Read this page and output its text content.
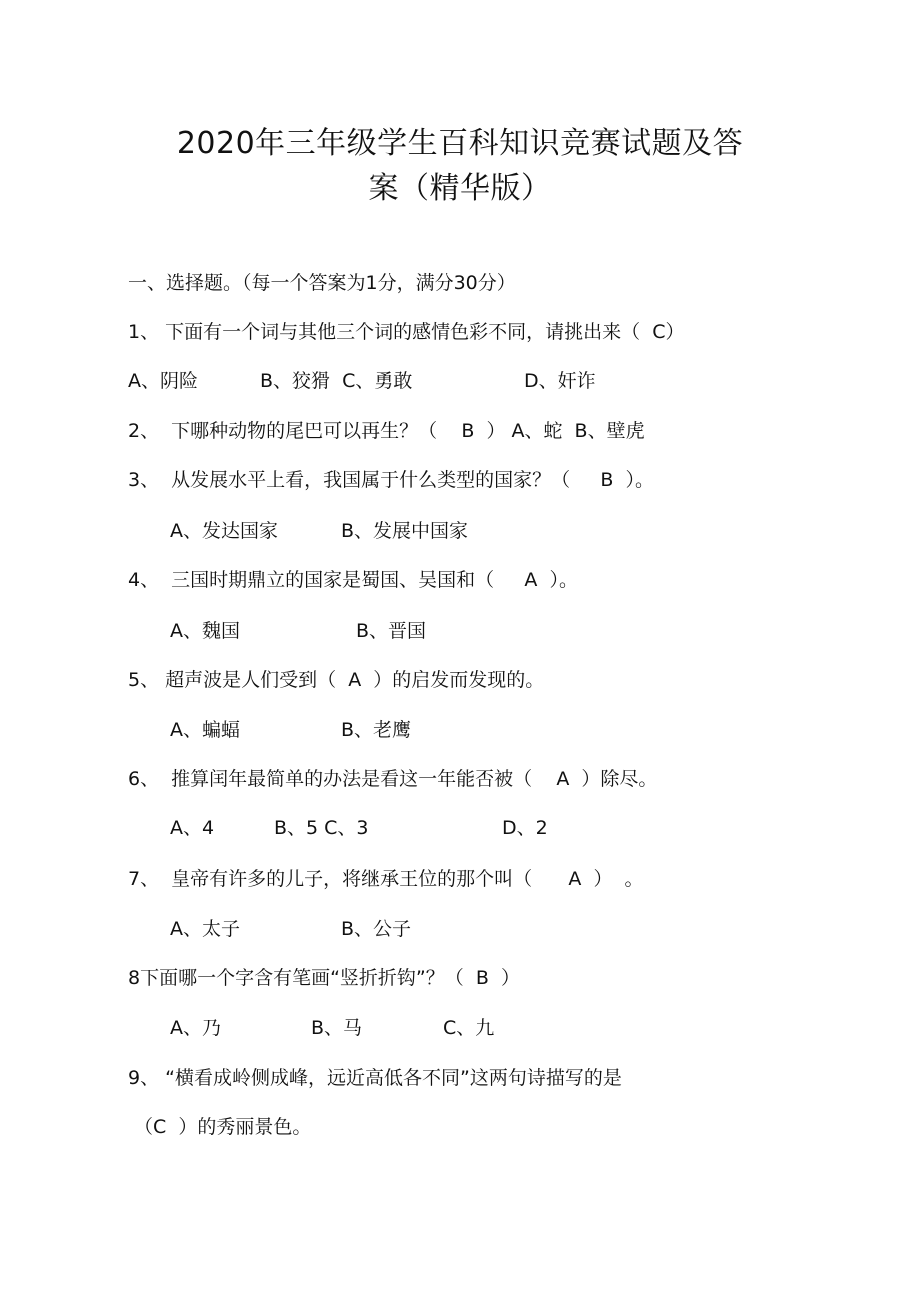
2020年三年级学生百科知识竞赛试题及答
案（精华版）
一、选择题。（每一个答案为1分，满分30分）
1、 下面有一个词与其他三个词的感情色彩不同，请挑出来（  C）
A、阴险	B、狡猾  C、勇敢	D、奸诈
2、  下哪种动物的尾巴可以再生？（    B  ） A、蛇  B、壁虎
3、  从发展水平上看，我国属于什么类型的国家？（     B  ）。
A、发达国家	B、发展中国家
4、  三国时期鼎立的国家是蜀国、吴国和（     A  ）。
A、魏国	B、晋国
5、 超声波是人们受到（  A  ）的启发而发现的。
A、蝙蝠	B、老鹰
6、  推算闰年最简单的办法是看这一年能否被（    A  ）除尽。
A、4	B、5 C、3	D、2
7、  皇帝有许多的儿子，将继承王位的那个叫（      A  ）  。
A、太子	B、公子
8下面哪一个字含有笔画“竖折折钩”？（  B  ）
A、乃	B、马	C、九
9、 “横看成岭侧成峰，远近高低各不同”这两句诗描写的是
（C  ）的秀丽景色。
